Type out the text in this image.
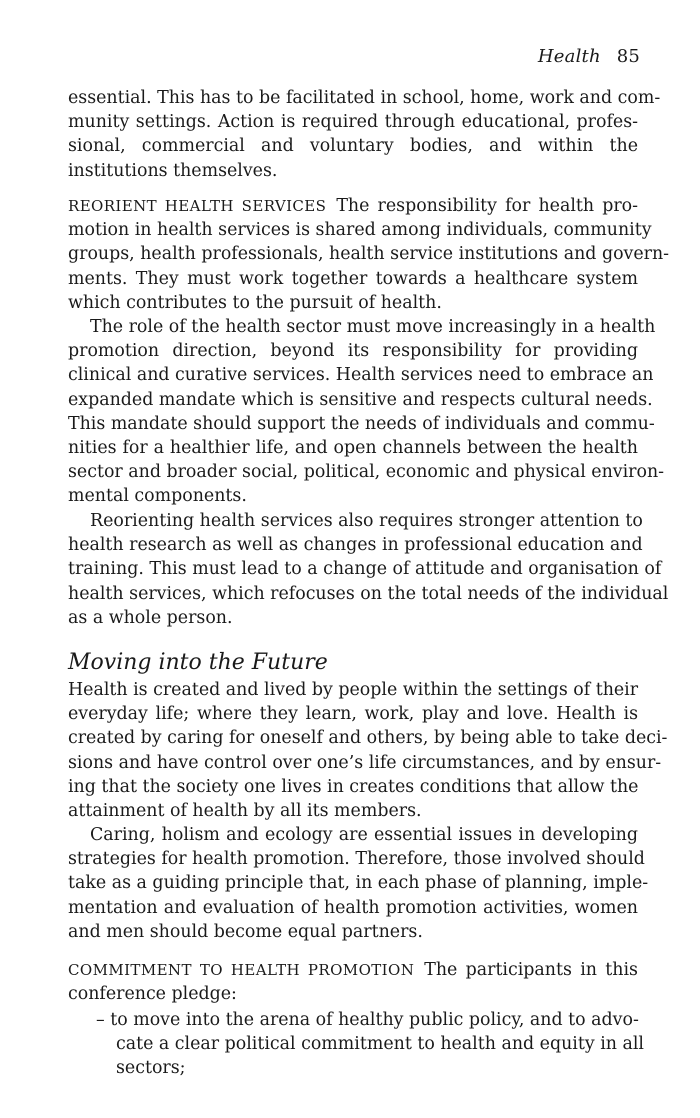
Health 85
essential. This has to be facilitated in school, home, work and com-
munity settings. Action is required through educational, profes-
sional, commercial and voluntary bodies, and within the
institutions themselves.
REORIENT HEALTH SERVICES The responsibility for health pro-
motion in health services is shared among individuals, community
groups, health professionals, health service institutions and govern-
ments. They must work together towards a healthcare system
which contributes to the pursuit of health.
The role of the health sector must move increasingly in a health
promotion direction, beyond its responsibility for providing
clinical and curative services. Health services need to embrace an
expanded mandate which is sensitive and respects cultural needs.
This mandate should support the needs of individuals and commu-
nities for a healthier life, and open channels between the health
sector and broader social, political, economic and physical environ-
mental components.
Reorienting health services also requires stronger attention to
health research as well as changes in professional education and
training. This must lead to a change of attitude and organisation of
health services, which refocuses on the total needs of the individual
as a whole person.
Moving into the Future
Health is created and lived by people within the settings of their
everyday life; where they learn, work, play and love. Health is
created by caring for oneself and others, by being able to take deci-
sions and have control over one’s life circumstances, and by ensur-
ing that the society one lives in creates conditions that allow the
attainment of health by all its members.
Caring, holism and ecology are essential issues in developing
strategies for health promotion. Therefore, those involved should
take as a guiding principle that, in each phase of planning, imple-
mentation and evaluation of health promotion activities, women
and men should become equal partners.
COMMITMENT TO HEALTH PROMOTION The participants in this
conference pledge:
– to move into the arena of healthy public policy, and to advo-
cate a clear political commitment to health and equity in all
sectors;
